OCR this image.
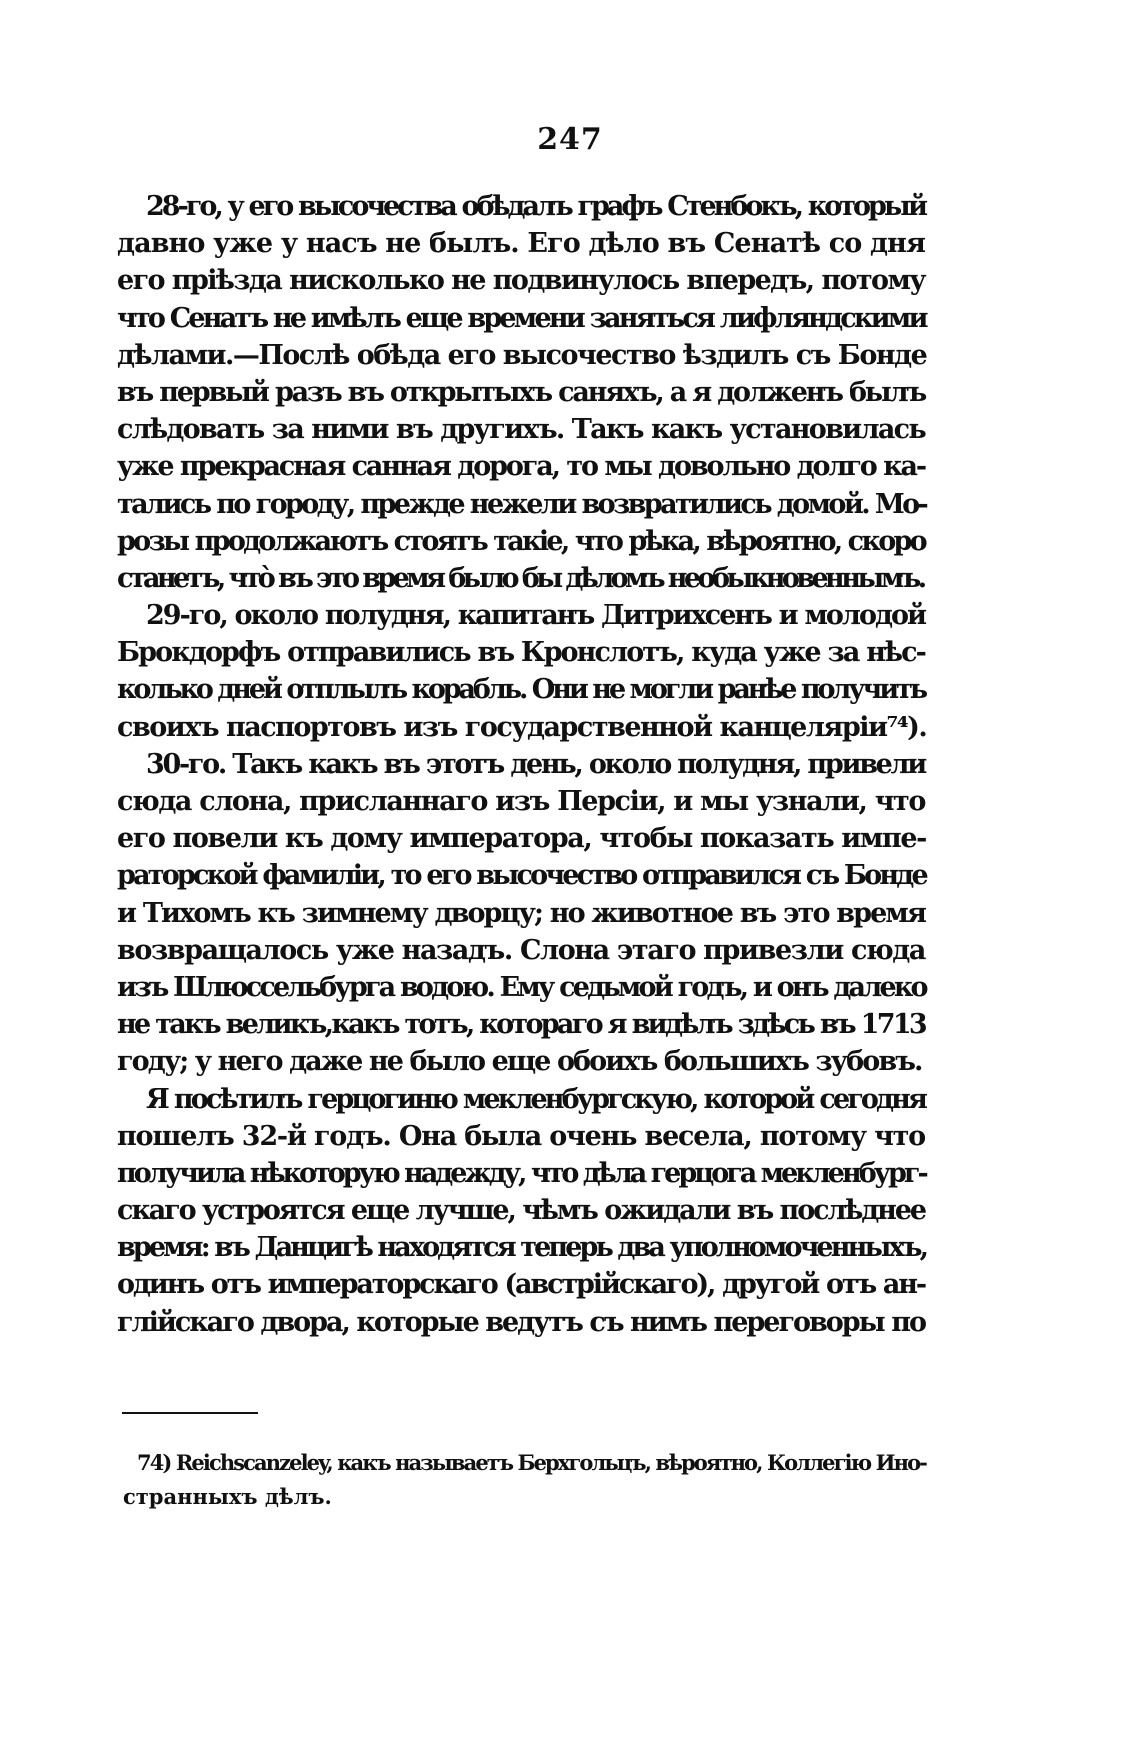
247

28-го, у его высочества обѣдалъ графъ Стенбокъ, который
давно уже у насъ не былъ. Его дѣло въ Сенатѣ со дня
его пріѣзда нисколько не подвинулось впередъ, потому
что Сенатъ не имѣлъ еще времени заняться лифляндскими
дѣлами.—Послѣ обѣда его высочество ѣздилъ съ Бонде
въ первый разъ въ открытыхъ саняхъ, а я долженъ былъ
слѣдовать за ними въ другихъ. Такъ какъ установилась
уже прекрасная санная дорога, то мы довольно долго ка-
тались по городу, прежде нежели возвратились домой. Мо-
розы продолжаютъ стоятъ такіе, что рѣка, вѣроятно, скоро
станетъ, что̀ въ это время было бы дѣломъ необыкновеннымъ.

29-го, около полудня, капитанъ Дитрихсенъ и молодой
Брокдорфъ отправились въ Кронслотъ, куда уже за нѣс-
колько дней отплылъ корабль. Они не могли ранѣе получить
своихъ паспортовъ изъ государственной канцеляріи⁷⁴).

30-го. Такъ какъ въ этотъ день, около полудня, привели
сюда слона, присланнаго изъ Персіи, и мы узнали, что
его повели къ дому императора, чтобы показать импе-
раторской фамиліи, то его высочество отправился съ Бонде
и Тихомъ къ зимнему дворцу; но животное въ это время
возвращалось уже назадъ. Слона этаго привезли сюда
изъ Шлюссельбурга водою. Ему седьмой годъ, и онъ далеко
не такъ великъ,какъ тотъ, котораго я видѣлъ здѣсь въ 1713
году; у него даже не было еще обоихъ большихъ зубовъ.

Я посѣтилъ герцогиню мекленбургскую, которой сегодня
пошелъ 32-й годъ. Она была очень весела, потому что
получила нѣкоторую надежду, что дѣла герцога мекленбург-
скаго устроятся еще лучше, чѣмъ ожидали въ послѣднее
время: въ Данцигѣ находятся теперь два уполномоченныхъ,
одинъ отъ императорскаго (австрійскаго), другой отъ ан-
глійскаго двора, которые ведутъ съ нимъ переговоры по

74) Reichscanzeley, какъ называетъ Берхгольцъ, вѣроятно, Коллегію Ино-
странныхъ дѣлъ.
